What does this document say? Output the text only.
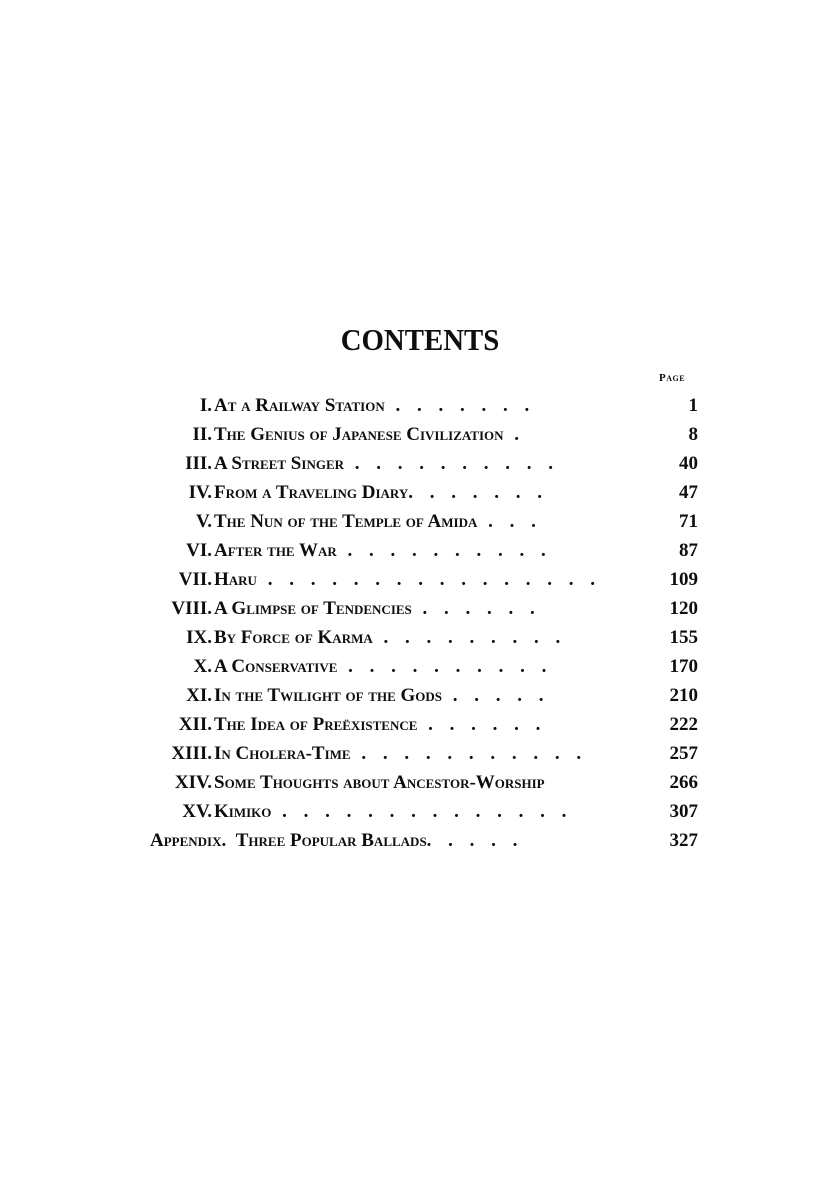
CONTENTS
Page
I. At a Railway Station . . . . . . .	1
II. The Genius of Japanese Civilization .	8
III. A Street Singer . . . . . . . . . .	40
IV. From a Traveling Diary. . . . . . .	47
V. The Nun of the Temple of Amida . . .	71
VI. After the War . . . . . . . . . .	87
VII. Haru . . . . . . . . . . . . . . . .	109
VIII. A Glimpse of Tendencies . . . . . .	120
IX. By Force of Karma . . . . . . . . .	155
X. A Conservative . . . . . . . . . .	170
XI. In the Twilight of the Gods . . . . .	210
XII. The Idea of Preëxistence . . . . . .	222
XIII. In Cholera-Time . . . . . . . . . . .	257
XIV. Some Thoughts about Ancestor-Worship	266
XV. Kimiko . . . . . . . . . . . . . .	307
Appendix. Three Popular Ballads. . . . .	327
